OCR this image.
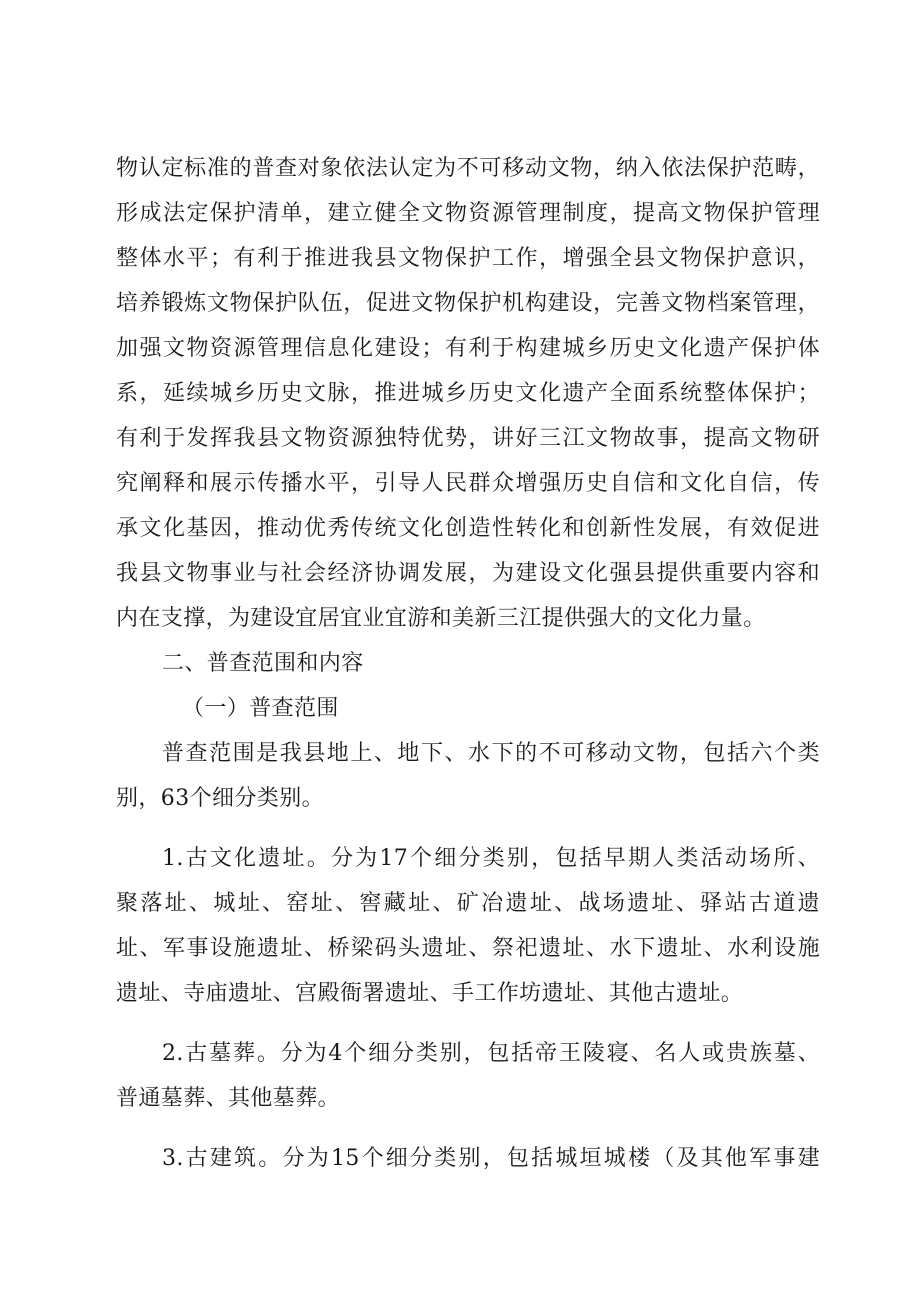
物认定标准的普查对象依法认定为不可移动文物，纳入依法保护范畴，

形成法定保护清单，建立健全文物资源管理制度，提高文物保护管理

整体水平；有利于推进我县文物保护工作，增强全县文物保护意识，

培养锻炼文物保护队伍，促进文物保护机构建设，完善文物档案管理，

加强文物资源管理信息化建设；有利于构建城乡历史文化遗产保护体

系，延续城乡历史文脉，推进城乡历史文化遗产全面系统整体保护；

有利于发挥我县文物资源独特优势，讲好三江文物故事，提高文物研

究阐释和展示传播水平，引导人民群众增强历史自信和文化自信，传

承文化基因，推动优秀传统文化创造性转化和创新性发展，有效促进

我县文物事业与社会经济协调发展，为建设文化强县提供重要内容和

内在支撑，为建设宜居宜业宜游和美新三江提供强大的文化力量。

二、普查范围和内容
（一）普查范围

普查范围是我县地上、地下、水下的不可移动文物，包括六个类

别，63个细分类别。

1.古文化遗址。分为17个细分类别，包括早期人类活动场所、

聚落址、城址、窑址、窖藏址、矿冶遗址、战场遗址、驿站古道遗

址、军事设施遗址、桥梁码头遗址、祭祀遗址、水下遗址、水利设施

遗址、寺庙遗址、宫殿衙署遗址、手工作坊遗址、其他古遗址。

2.古墓葬。分为4个细分类别，包括帝王陵寝、名人或贵族墓、

普通墓葬、其他墓葬。

3.古建筑。分为15个细分类别，包括城垣城楼（及其他军事建
